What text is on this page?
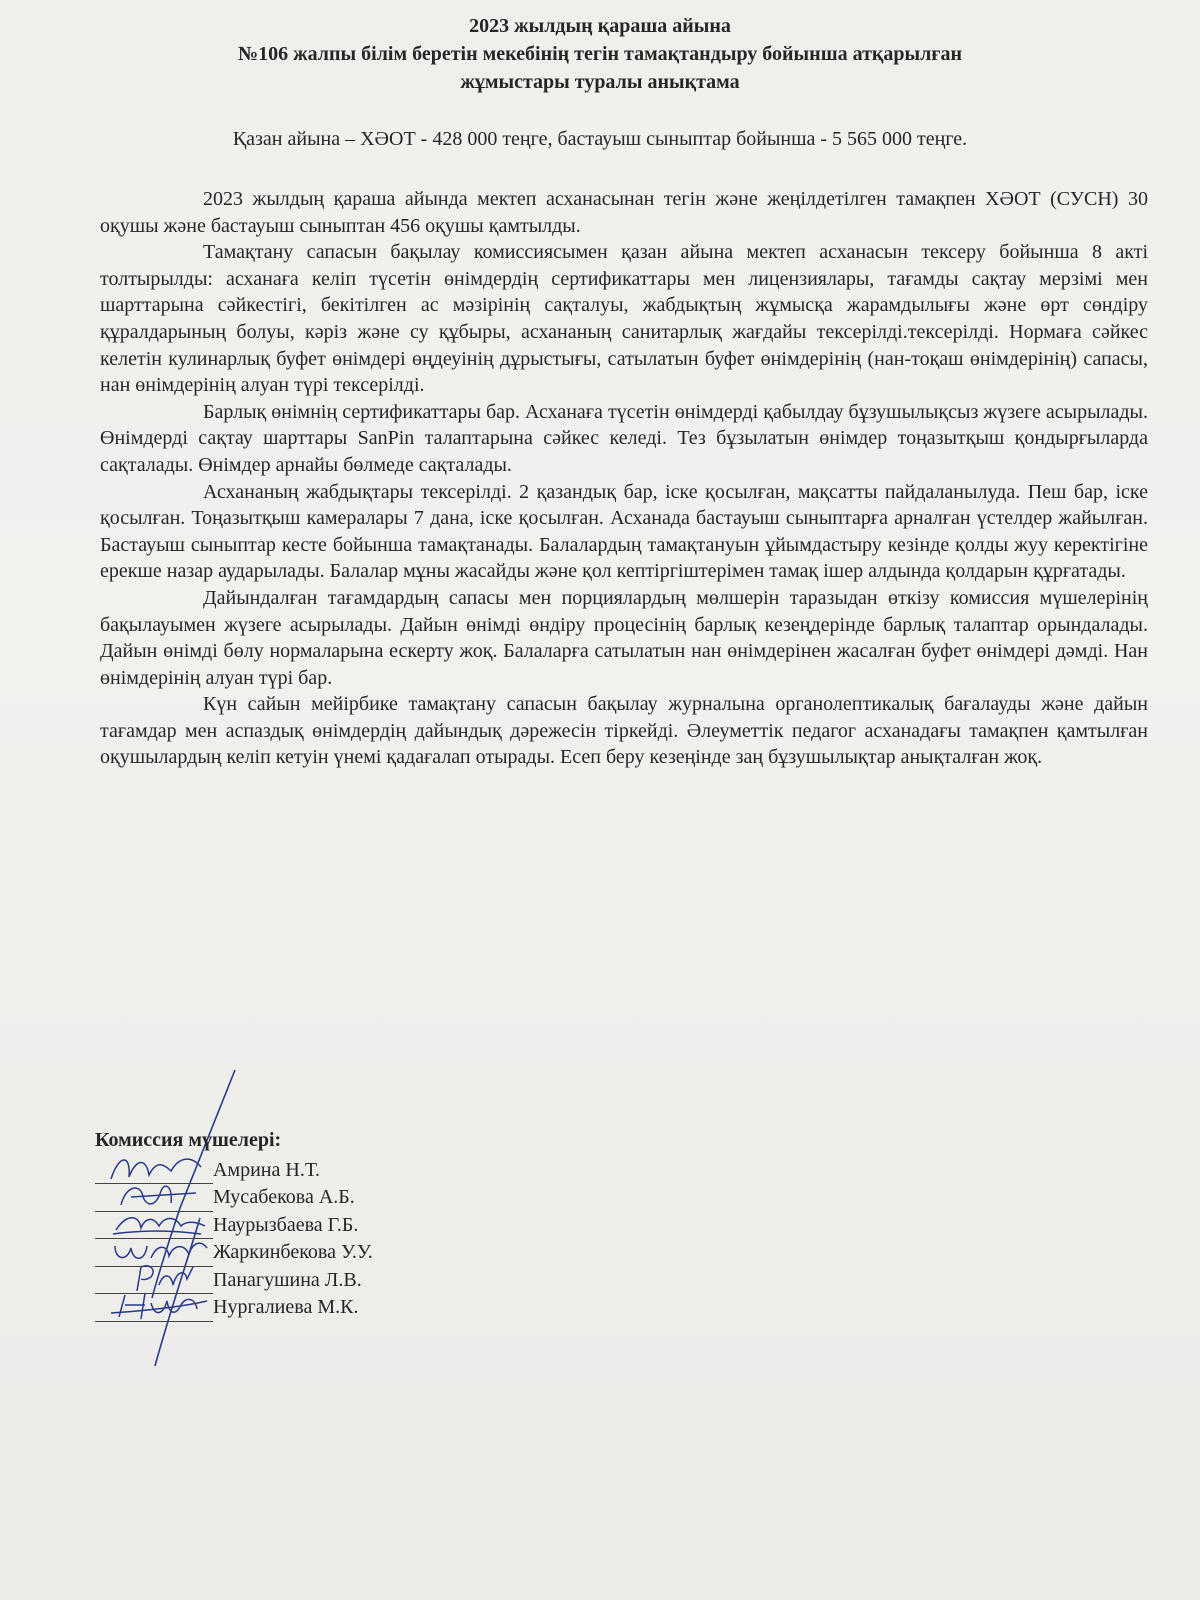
2023 жылдың қараша айына
№106 жалпы білім беретін мекебінің тегін тамақтандыру бойынша атқарылған
жұмыстары туралы анықтама
Қазан айына – ХӘОТ - 428 000 теңге, бастауыш сыныптар бойынша - 5 565 000 теңге.

2023 жылдың қараша айында мектеп асханасынан тегін және жеңілдетілген тамақпен ХӘОТ (СУСН) 30 оқушы және бастауыш сыныптан 456 оқушы қамтылды.

Тамақтану сапасын бақылау комиссиясымен қазан айына мектеп асханасын тексеру бойынша 8 акті толтырылды: асханаға келіп түсетін өнімдердің сертификаттары мен лицензиялары, тағамды сақтау мерзімі мен шарттарына сәйкестігі, бекітілген ас мәзірінің сақталуы, жабдықтың жұмысқа жарамдылығы және өрт сөндіру құралдарының болуы, кәріз және су құбыры, асхананың санитарлық жағдайы тексерілді.тексерілді. Нормаға сәйкес келетін кулинарлық буфет өнімдері өңдеуінің дұрыстығы, сатылатын буфет өнімдерінің (нан-тоқаш өнімдерінің) сапасы, нан өнімдерінің алуан түрі тексерілді.

Барлық өнімнің сертификаттары бар. Асханаға түсетін өнімдерді қабылдау бұзушылықсыз жүзеге асырылады. Өнімдерді сақтау шарттары SanPin талаптарына сәйкес келеді. Тез бұзылатын өнімдер тоңазытқыш қондырғыларда сақталады. Өнімдер арнайы бөлмеде сақталады.

Асхананың жабдықтары тексерілді. 2 қазандық бар, іске қосылған, мақсатты пайдаланылуда. Пеш бар, іске қосылған. Тоңазытқыш камералары 7 дана, іске қосылған. Асханада бастауыш сыныптарға арналған үстелдер жайылған. Бастауыш сыныптар кесте бойынша тамақтанады. Балалардың тамақтануын ұйымдастыру кезінде қолды жуу керектігіне ерекше назар аударылады. Балалар мұны жасайды және қол кептіргіштерімен тамақ ішер алдында қолдарын құрғатады.

Дайындалған тағамдардың сапасы мен порциялардың мөлшерін таразыдан өткізу комиссия мүшелерінің бақылауымен жүзеге асырылады. Дайын өнімді өндіру процесінің барлық кезеңдерінде барлық талаптар орындалады. Дайын өнімді бөлу нормаларына ескерту жоқ. Балаларға сатылатын нан өнімдерінен жасалған буфет өнімдері дәмді. Нан өнімдерінің алуан түрі бар.

Күн сайын мейірбике тамақтану сапасын бақылау журналына органолептикалық бағалауды және дайын тағамдар мен аспаздық өнімдердің дайындық дәрежесін тіркейді. Әлеуметтік педагог асханадағы тамақпен қамтылған оқушылардың келіп кетуін үнемі қадағалап отырады. Есеп беру кезеңінде заң бұзушылықтар анықталған жоқ.

Комиссия мүшелері:
Амрина Н.Т.
Мусабекова А.Б.
Наурызбаева Г.Б.
Жаркинбекова У.У.
Панагушина Л.В.
Нургалиева М.К.
